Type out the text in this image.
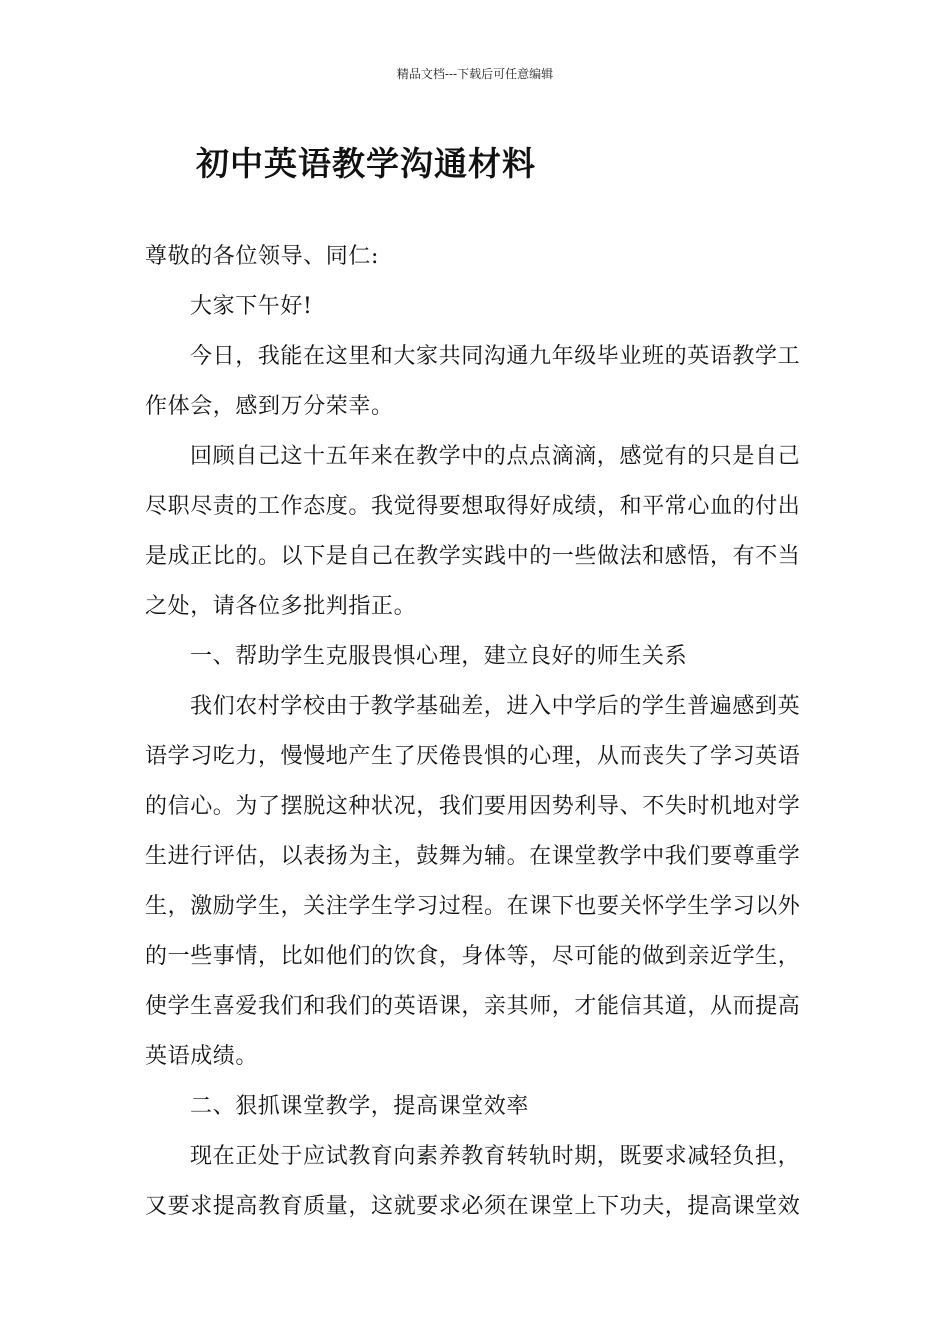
精品文档---下载后可任意编辑
初中英语教学沟通材料

尊敬的各位领导、同仁:

大家下午好!

今日，我能在这里和大家共同沟通九年级毕业班的英语教学工作体会，感到万分荣幸。

回顾自己这十五年来在教学中的点点滴滴，感觉有的只是自己尽职尽责的工作态度。我觉得要想取得好成绩，和平常心血的付出是成正比的。以下是自己在教学实践中的一些做法和感悟，有不当之处，请各位多批判指正。

一、帮助学生克服畏惧心理，建立良好的师生关系

我们农村学校由于教学基础差，进入中学后的学生普遍感到英语学习吃力，慢慢地产生了厌倦畏惧的心理，从而丧失了学习英语的信心。为了摆脱这种状况，我们要用因势利导、不失时机地对学生进行评估，以表扬为主，鼓舞为辅。在课堂教学中我们要尊重学生，激励学生，关注学生学习过程。在课下也要关怀学生学习以外的一些事情，比如他们的饮食，身体等，尽可能的做到亲近学生，使学生喜爱我们和我们的英语课，亲其师，才能信其道，从而提高英语成绩。

二、狠抓课堂教学，提高课堂效率

现在正处于应试教育向素养教育转轨时期，既要求减轻负担，又要求提高教育质量，这就要求必须在课堂上下功夫，提高课堂效
